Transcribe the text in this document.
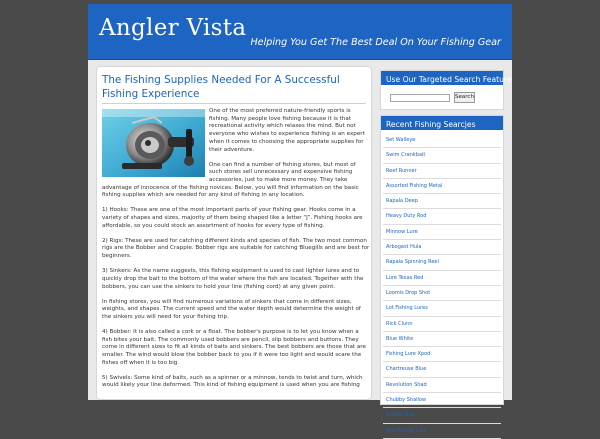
Angler Vista
Helping You Get The Best Deal On Your Fishing Gear
The Fishing Supplies Needed For A Successful Fishing Experience

One of the most preferred nature-friendly sports is fishing. Many people love fishing because it is that recreational activity which relaxes the mind. But not everyone who wishes to experience fishing is an expert when it comes to choosing the appropriate supplies for their adventure.

One can find a number of fishing stores, but most of such stores sell unnecessary and expensive fishing accessories, just to make more money. They take advantage of innocence of the fishing novices. Below, you will find information on the basic fishing supplies which are needed for any kind of fishing in any location.

1) Hooks: These are one of the most important parts of your fishing gear. Hooks come in a variety of shapes and sizes, majority of them being shaped like a letter “J”. Fishing hooks are affordable, so you could stock an assortment of hooks for every type of fishing.

2) Rigs: These are used for catching different kinds and species of fish. The two most common rigs are the Bobber and Crappie. Bobber rigs are suitable for catching Bluegills and are best for beginners.

3) Sinkers: As the name suggests, this fishing equipment is used to cast lighter lures and to quickly drop the bait to the bottom of the water where the fish are located. Together with the bobbers, you can use the sinkers to hold your line (fishing cord) at any given point.

In fishing stores, you will find numerous variations of sinkers that come in different sizes, weights, and shapes. The current speed and the water depth would determine the weight of the sinkers you will need for your fishing trip.

4) Bobber: It is also called a cork or a float. The bobber's purpose is to let you know when a fish bites your bait. The commonly used bobbers are pencil, slip bobbers and buttons. They come in different sizes to fit all kinds of baits and sinkers. The best bobbers are those that are smaller. The wind would blow the bobber back to you if it were too light and would scare the fishes off when it is too big.

5) Swivels: Some kind of baits, such as a spinner or a minnow, tends to twist and turn, which would likely your line deformed. This kind of fishing equipment is used when you are fishing

Use Our Targeted Search Feature
Search
Recent Fishing Searcjes
Set Walleye
Swim Crankbait
Reef Runner
Assorted Fishing Metal
Rapala Deep
Heavy Duty Rod
Minnow Lure
Arbogast Hula
Rapala Spinning Reel
Lure Texas Red
Loomis Drop Shot
Lot Fishing Lures
Rick Clunn
Blue White
Fishing Lure Xpod
Chartreuse Blue
Revolution Shad
Chubby Shallow
Bobbie Bait
Ayu Fishing Lure
